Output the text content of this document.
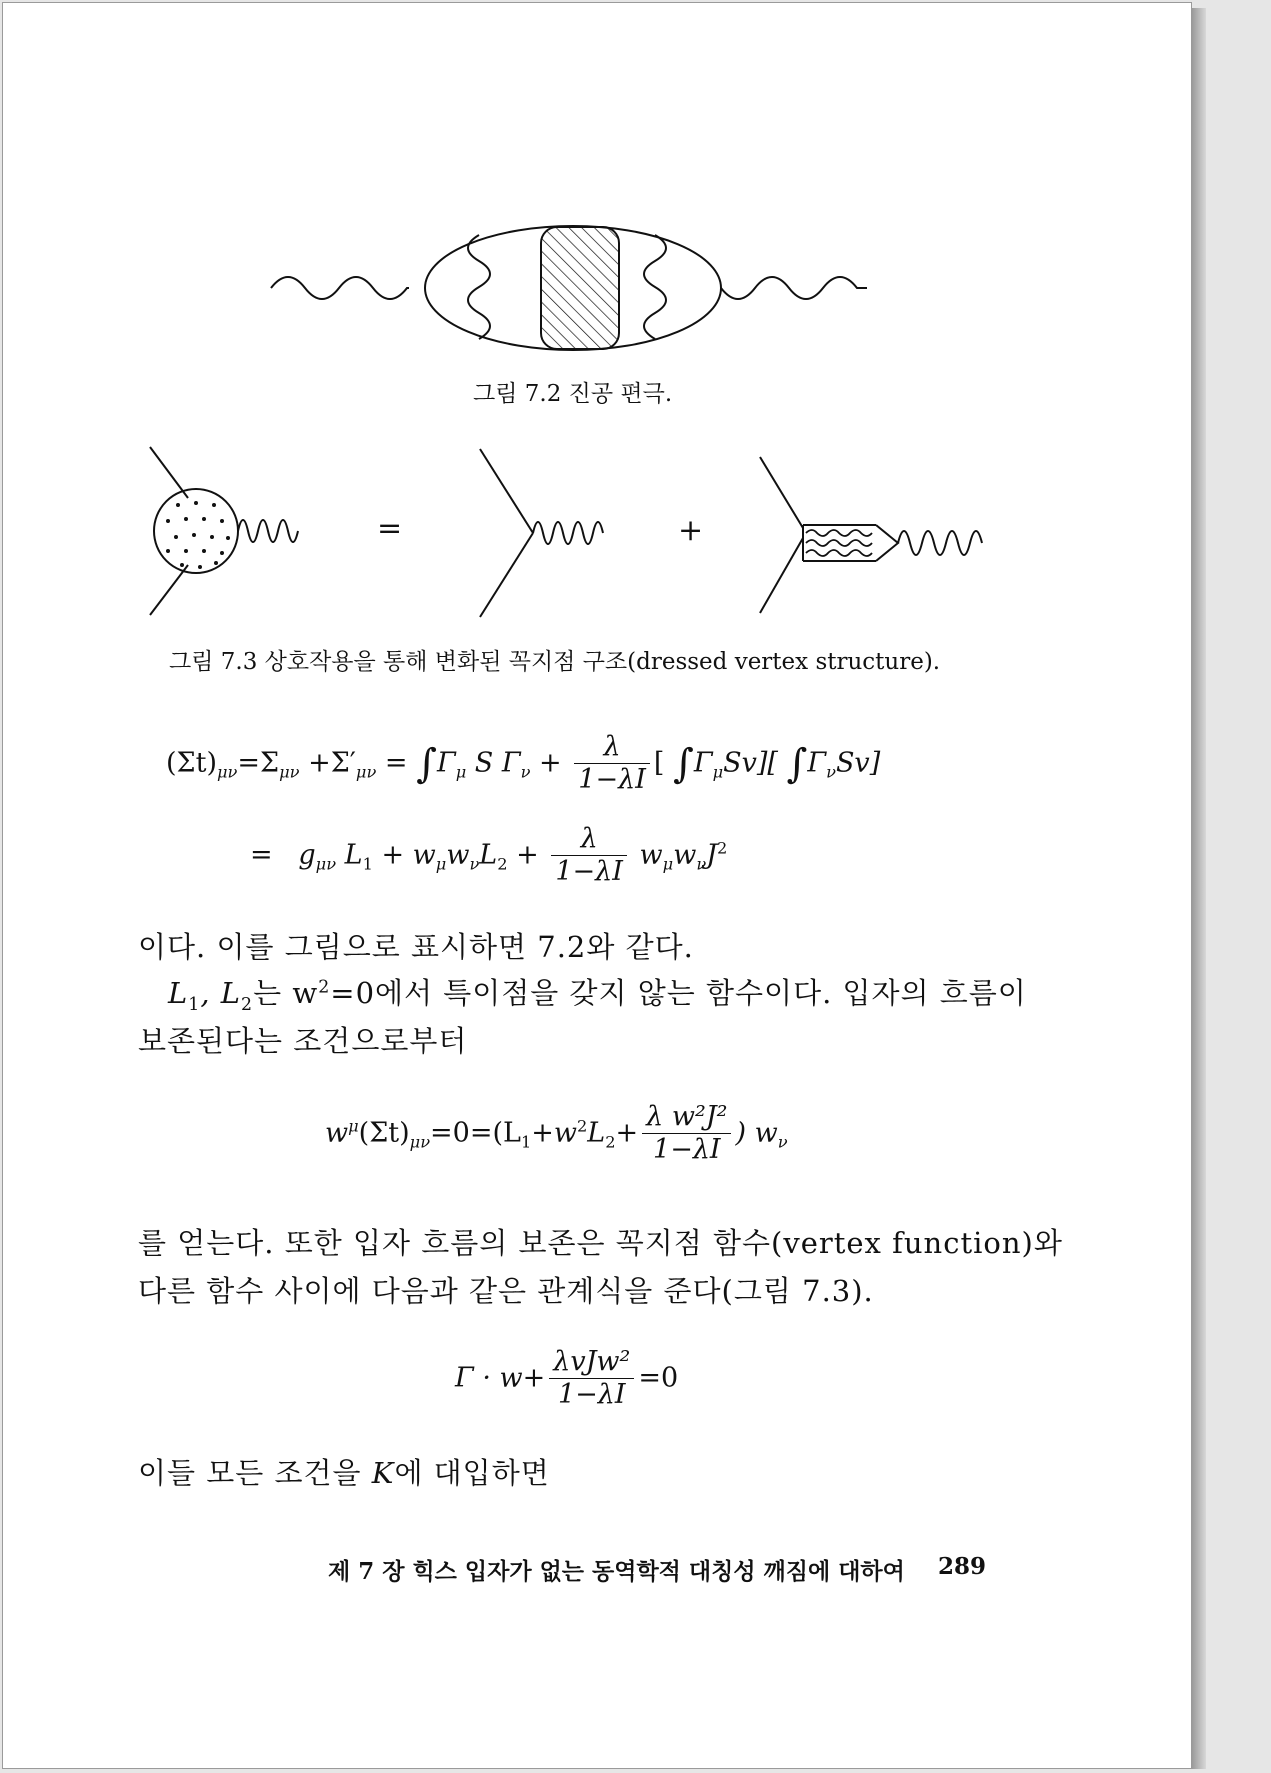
그림 7.2 진공 편극.
=	+
그림 7.3 상호작용을 통해 변화된 꼭지점 구조(dressed vertex structure).
$(\Sigma t)_{\mu\nu}=\Sigma_{\mu\nu} +\Sigma'_{\mu\nu} = \int\Gamma_\mu$ S $\Gamma_\nu + \frac{\lambda}{1-\lambda I}$ [ $\int\Gamma_\mu Sv$][ $\int\Gamma_\nu Sv$]
= $g_{\mu\nu}$ $L_1 + w_\mu w_\nu L_2 + \frac{\lambda}{1-\lambda I} w_\mu w_\nu J^2$
이다. 이를 그림으로 표시하면 7.2와 같다.
$L_1$, $L_2$는 $w^2=0$에서 특이점을 갖지 않는 함수이다. 입자의 흐름이
보존된다는 조건으로부터
$w^\mu(\Sigma t)_{\mu\nu}=0=(L_1+w^2L_2+ \frac{\text{λ w²J²}}{1-\lambda I}$ ) $w_\nu$
를 얻는다. 또한 입자 흐름의 보존은 꼭지점 함수(vertex function)와
다른 함수 사이에 다음과 같은 관계식을 준다(그림 7.3).
$\Gamma \cdot w+ \frac{\text{λvJw²}}{1-\lambda I} =0$
이들 모든 조건을 K에 대입하면
제 7 장 힉스 입자가 없는 동역학적 대칭성 깨짐에 대하여 289
